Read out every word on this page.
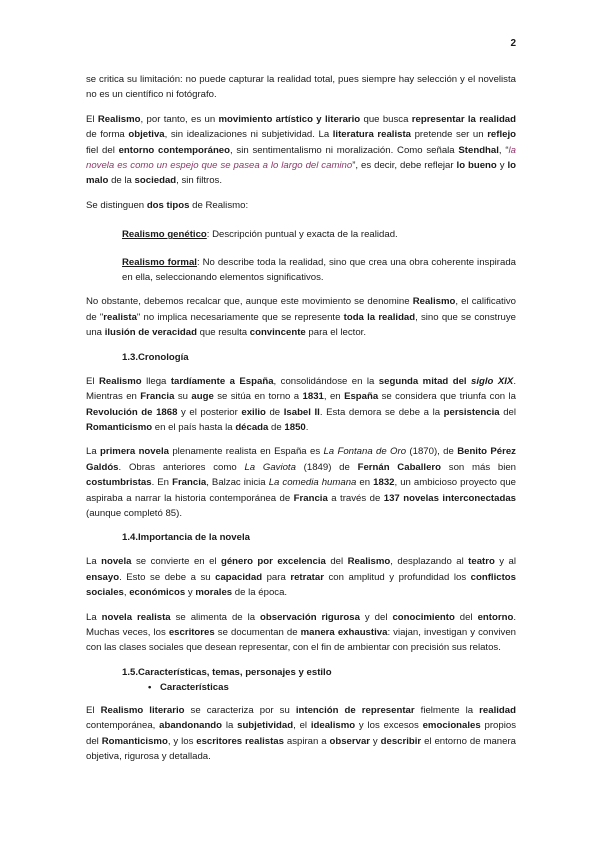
2

se critica su limitación: no puede capturar la realidad total, pues siempre hay selección y el novelista no es un científico ni fotógrafo.

El Realismo, por tanto, es un movimiento artístico y literario que busca representar la realidad de forma objetiva, sin idealizaciones ni subjetividad. La literatura realista pretende ser un reflejo fiel del entorno contemporáneo, sin sentimentalismo ni moralización. Como señala Stendhal, “la novela es como un espejo que se pasea a lo largo del camino”, es decir, debe reflejar lo bueno y lo malo de la sociedad, sin filtros.

Se distinguen dos tipos de Realismo:

Realismo genético: Descripción puntual y exacta de la realidad.

Realismo formal: No describe toda la realidad, sino que crea una obra coherente inspirada en ella, seleccionando elementos significativos.

No obstante, debemos recalcar que, aunque este movimiento se denomine Realismo, el calificativo de "realista" no implica necesariamente que se represente toda la realidad, sino que se construye una ilusión de veracidad que resulta convincente para el lector.

1.3.Cronología

El Realismo llega tardíamente a España, consolidándose en la segunda mitad del siglo XIX. Mientras en Francia su auge se sitúa en torno a 1831, en España se considera que triunfa con la Revolución de 1868 y el posterior exilio de Isabel II. Esta demora se debe a la persistencia del Romanticismo en el país hasta la década de 1850.

La primera novela plenamente realista en España es La Fontana de Oro (1870), de Benito Pérez Galdós. Obras anteriores como La Gaviota (1849) de Fernán Caballero son más bien costumbristas. En Francia, Balzac inicia La comedia humana en 1832, un ambicioso proyecto que aspiraba a narrar la historia contemporánea de Francia a través de 137 novelas interconectadas (aunque completó 85).

1.4.Importancia de la novela

La novela se convierte en el género por excelencia del Realismo, desplazando al teatro y al ensayo. Esto se debe a su capacidad para retratar con amplitud y profundidad los conflictos sociales, económicos y morales de la época.

La novela realista se alimenta de la observación rigurosa y del conocimiento del entorno. Muchas veces, los escritores se documentan de manera exhaustiva: viajan, investigan y conviven con las clases sociales que desean representar, con el fin de ambientar con precisión sus relatos.

1.5.Características, temas, personajes y estilo
• Características

El Realismo literario se caracteriza por su intención de representar fielmente la realidad contemporánea, abandonando la subjetividad, el idealismo y los excesos emocionales propios del Romanticismo, y los escritores realistas aspiran a observar y describir el entorno de manera objetiva, rigurosa y detallada.
